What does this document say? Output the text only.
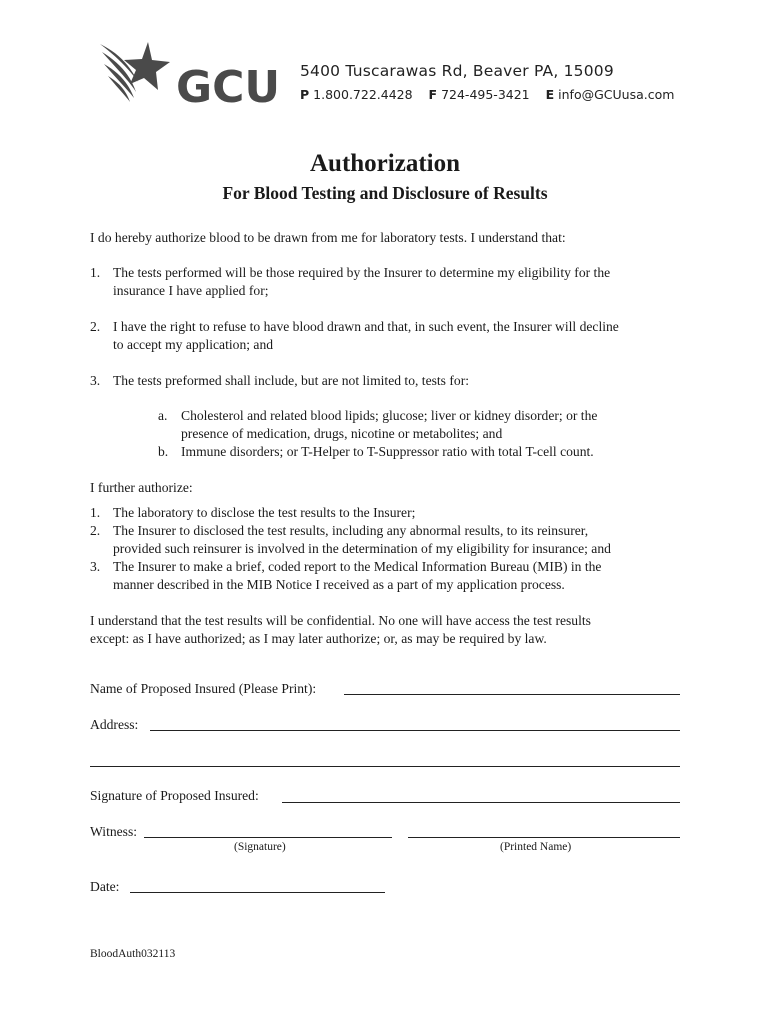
GCU 5400 Tuscarawas Rd, Beaver PA, 15009
P 1.800.722.4428 F 724-495-3421 E info@GCUusa.com
Authorization
For Blood Testing and Disclosure of Results
I do hereby authorize blood to be drawn from me for laboratory tests. I understand that:
1. The tests performed will be those required by the Insurer to determine my eligibility for the
insurance I have applied for;
2. I have the right to refuse to have blood drawn and that, in such event, the Insurer will decline
to accept my application; and
3. The tests preformed shall include, but are not limited to, tests for:
a. Cholesterol and related blood lipids; glucose; liver or kidney disorder; or the
presence of medication, drugs, nicotine or metabolites; and
b. Immune disorders; or T-Helper to T-Suppressor ratio with total T-cell count.
I further authorize:
1. The laboratory to disclose the test results to the Insurer;
2. The Insurer to disclosed the test results, including any abnormal results, to its reinsurer,
provided such reinsurer is involved in the determination of my eligibility for insurance; and
3. The Insurer to make a brief, coded report to the Medical Information Bureau (MIB) in the
manner described in the MIB Notice I received as a part of my application process.
I understand that the test results will be confidential. No one will have access the test results
except: as I have authorized; as I may later authorize; or, as may be required by law.
Name of Proposed Insured (Please Print):
Address:
Signature of Proposed Insured:
Witness:
(Signature)	(Printed Name)
Date:
BloodAuth032113
